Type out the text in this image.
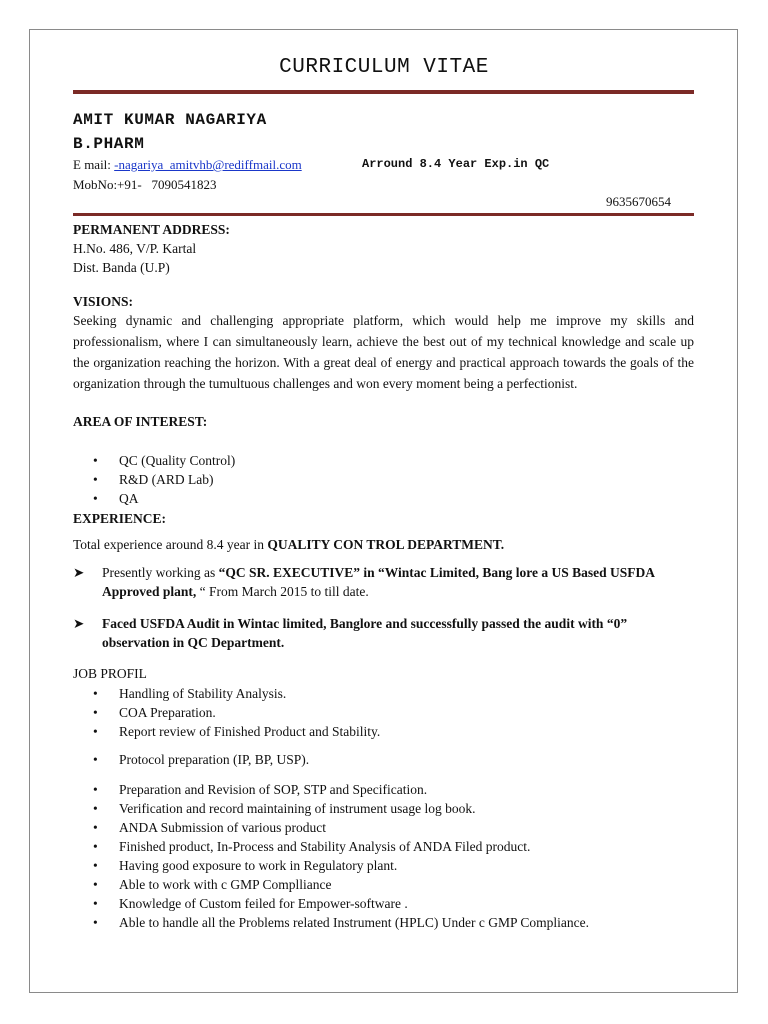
CURRICULUM VITAE
AMIT KUMAR NAGARIYA
B.PHARM
E mail: -nagariya_amitvhb@rediffmail.com	Arround 8.4 Year Exp.in QC
MobNo:+91- 7090541823
9635670654
PERMANENT ADDRESS:
H.No. 486, V/P. Kartal
Dist. Banda (U.P)
VISIONS:
Seeking dynamic and challenging appropriate platform, which would help me improve my skills and professionalism, where I can simultaneously learn, achieve the best out of my technical knowledge and scale up the organization reaching the horizon. With a great deal of energy and practical approach towards the goals of the organization through the tumultuous challenges and won every moment being a perfectionist.
AREA OF INTEREST:
• QC (Quality Control)
• R&D (ARD Lab)
• QA
EXPERIENCE:
Total experience around 8.4 year in QUALITY CON TROL DEPARTMENT.
➤	Presently working as “QC SR. EXECUTIVE” in “Wintac Limited, Bang lore a US Based USFDA Approved plant, “ From March 2015 to till date.
➤	Faced USFDA Audit in Wintac limited, Banglore and successfully passed the audit with “0” observation in QC Department.
JOB PROFIL
• Handling of Stability Analysis.
• COA Preparation.
• Report review of Finished Product and Stability.
• Protocol preparation (IP, BP, USP).
• Preparation and Revision of SOP, STP and Specification.
• Verification and record maintaining of instrument usage log book.
• ANDA Submission of various product
• Finished product, In-Process and Stability Analysis of ANDA Filed product.
• Having good exposure to work in Regulatory plant.
• Able to work with c GMP Complliance
• Knowledge of Custom feiled for Empower-software .
• Able to handle all the Problems related Instrument (HPLC) Under c GMP Compliance.
